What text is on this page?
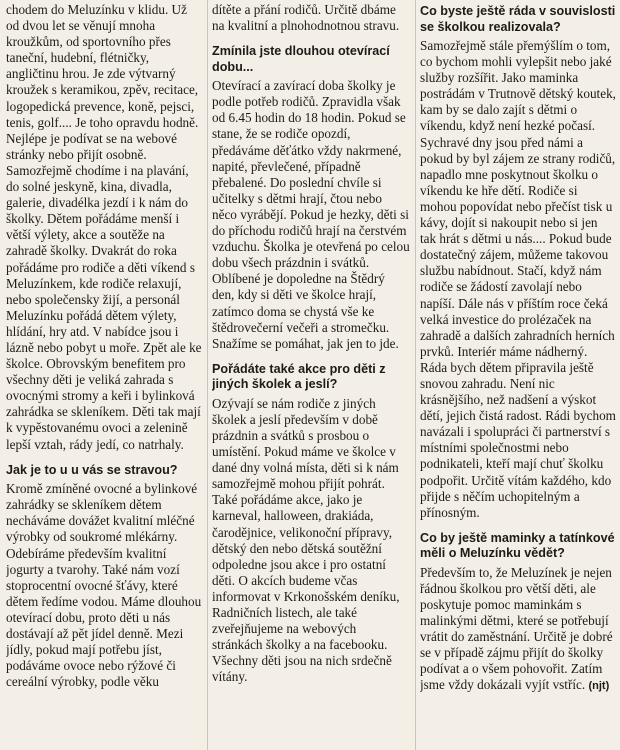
chodem do Meluzínku v klidu. Už od dvou let se věnují mnoha kroužkům, od sportovního přes taneční, hudební, flétničky, angličtinu hrou. Je zde výtvarný kroužek s keramikou, zpěv, recitace, logopedická prevence, koně, pejsci, tenis, golf.... Je toho opravdu hodně. Nejlépe je podívat se na webové stránky nebo přijít osobně. Samozřejmě chodíme i na plavání, do solné jeskyně, kina, divadla, galerie, divadélka jezdí i k nám do školky. Dětem pořádáme menší i větší výlety, akce a soutěže na zahradě školky. Dvakrát do roka pořádáme pro rodiče a děti víkend s Meluzínkem, kde rodiče relaxují, nebo společensky žijí, a personál Meluzínku pořádá dětem výlety, hlídání, hry atd. V nabídce jsou i lázně nebo pobyt u moře. Zpět ale ke školce. Obrovským benefitem pro všechny děti je veliká zahrada s ovocnými stromy a keři i bylinková zahrádka se skleníkem. Děti tak mají k vypěstovanému ovoci a zelenině lepší vztah, rády jedí, co natrhaly.

Jak je to u u vás se stravou?

Kromě zmíněné ovocné a bylinkové zahrádky se skleníkem dětem necháváme dovážet kvalitní mléčné výrobky od soukromé mlékárny. Odebíráme především kvalitní jogurty a tvarohy. Také nám vozí stoprocentní ovocné šťávy, které dětem ředíme vodou. Máme dlouhou otevírací dobu, proto děti u nás dostávají až pět jídel denně. Mezi jídly, pokud mají potřebu jíst, podáváme ovoce nebo rýžové či cereální výrobky, podle věku

dítěte a přání rodičů. Určitě dbáme na kvalitní a plnohodnotnou stravu.

Zmínila jste dlouhou otevírací dobu...

Otevírací a zavírací doba školky je podle potřeb rodičů. Zpravidla však od 6.45 hodin do 18 hodin. Pokud se stane, že se rodiče opozdí, předáváme děťátko vždy nakrmené, napité, převlečené, případně přebalené. Do poslední chvíle si učitelky s dětmi hrají, čtou nebo něco vyrábějí. Pokud je hezky, děti si do příchodu rodičů hrají na čerstvém vzduchu. Školka je otevřená po celou dobu všech prázdnin i svátků. Oblíbené je dopoledne na Štědrý den, kdy si děti ve školce hrají, zatímco doma se chystá vše ke štědrovečerní večeři a stromečku. Snažíme se pomáhat, jak jen to jde.

Pořádáte také akce pro děti z jiných školek a jeslí?

Ozývají se nám rodiče z jiných školek a jeslí především v době prázdnin a svátků s prosbou o umístění. Pokud máme ve školce v dané dny volná místa, děti si k nám samozřejmě mohou přijít pohrát. Také pořádáme akce, jako je karneval, halloween, drakiáda, čarodějnice, velikonoční přípravy, dětský den nebo dětská soutěžní odpoledne jsou akce i pro ostatní děti. O akcích budeme včas informovat v Krkonošském deníku, Radničních listech, ale také zveřejňujeme na webových stránkách školky a na facebooku. Všechny děti jsou na nich srdečně vítány.

Co byste ještě ráda v souvislosti se školkou realizovala?

Samozřejmě stále přemýšlím o tom, co bychom mohli vylepšit nebo jaké služby rozšířit. Jako maminka postrádám v Trutnově dětský koutek, kam by se dalo zajít s dětmi o víkendu, když není hezké počasí. Sychravé dny jsou před námi a pokud by byl zájem ze strany rodičů, napadlo mne poskytnout školku o víkendu ke hře dětí. Rodiče si mohou popovídat nebo přečíst tisk u kávy, dojít si nakoupit nebo si jen tak hrát s dětmi u nás.... Pokud bude dostatečný zájem, můžeme takovou službu nabídnout. Stačí, když nám rodiče se žádostí zavolají nebo napíší. Dále nás v příštím roce čeká velká investice do prolézaček na zahradě a dalších zahradních herních prvků. Interiér máme nádherný. Ráda bych dětem připravila ještě snovou zahradu. Není nic krásnějšího, než nadšení a výskot dětí, jejich čistá radost. Rádi bychom navázali i spolupráci či partnerství s místními společnostmi nebo podnikateli, kteří mají chuť školku podpořit. Určitě vítám každého, kdo přijde s něčím uchopitelným a přínosným.

Co by ještě maminky a tatínkové měli o Meluzínku vědět?

Především to, že Meluzínek je nejen řádnou školkou pro větší děti, ale poskytuje pomoc maminkám s malinkými dětmi, které se potřebují vrátit do zaměstnání. Určitě je dobré se v případě zájmu přijít do školky podívat a o všem pohovořit. Zatím jsme vždy dokázali vyjít vstříc. (njt)
